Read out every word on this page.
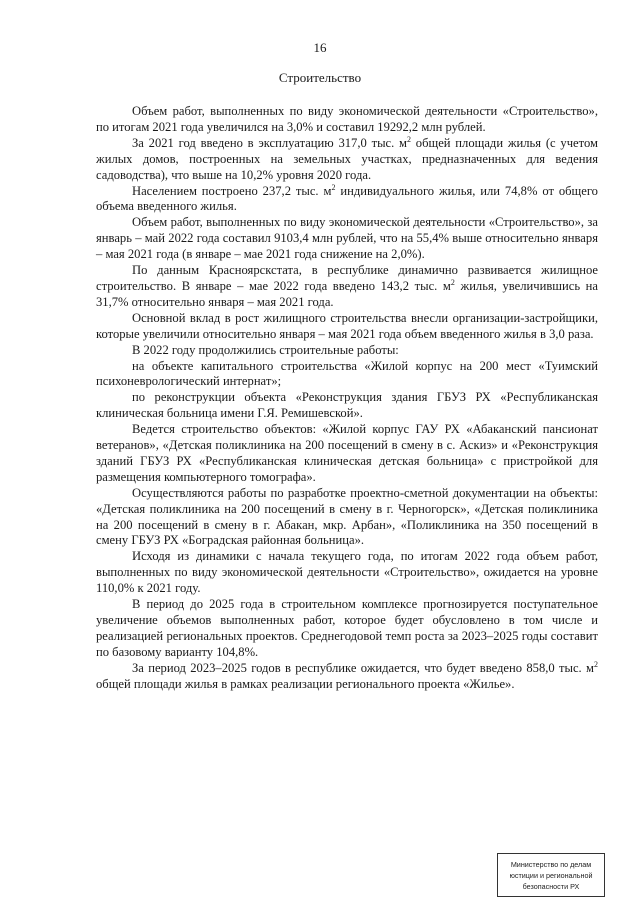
16
Строительство

Объем работ, выполненных по виду экономической деятельности «Строительство», по итогам 2021 года увеличился на 3,0% и составил 19292,2 млн рублей.

За 2021 год введено в эксплуатацию 317,0 тыс. $м^2$ общей площади жилья (с учетом жилых домов, построенных на земельных участках, предназначенных для ведения садоводства), что выше на 10,2% уровня 2020 года.

Населением построено 237,2 тыс. $м^2$ индивидуального жилья, или 74,8% от общего объема введенного жилья.

Объем работ, выполненных по виду экономической деятельности «Строительство», за январь – май 2022 года составил 9103,4 млн рублей, что на 55,4% выше относительно января – мая 2021 года (в январе – мае 2021 года снижение на 2,0%).

По данным Красноярскстата, в республике динамично развивается жилищное строительство. В январе – мае 2022 года введено 143,2 тыс. $м^2$ жилья, увеличившись на 31,7% относительно января – мая 2021 года.

Основной вклад в рост жилищного строительства внесли организации-застройщики, которые увеличили относительно января – мая 2021 года объем введенного жилья в 3,0 раза.

В 2022 году продолжились строительные работы:

на объекте капитального строительства «Жилой корпус на 200 мест «Туимский психоневрологический интернат»;

по реконструкции объекта «Реконструкция здания ГБУЗ РХ «Республиканская клиническая больница имени Г.Я. Ремишевской».

Ведется строительство объектов: «Жилой корпус ГАУ РХ «Абаканский пансионат ветеранов», «Детская поликлиника на 200 посещений в смену в с. Аскиз» и «Реконструкция зданий ГБУЗ РХ «Республиканская клиническая детская больница» с пристройкой для размещения компьютерного томографа».

Осуществляются работы по разработке проектно-сметной документации на объекты: «Детская поликлиника на 200 посещений в смену в г. Черногорск», «Детская поликлиника на 200 посещений в смену в г. Абакан, мкр. Арбан», «Поликлиника на 350 посещений в смену ГБУЗ РХ «Боградская районная больница».

Исходя из динамики с начала текущего года, по итогам 2022 года объем работ, выполненных по виду экономической деятельности «Строительство», ожидается на уровне 110,0% к 2021 году.

В период до 2025 года в строительном комплексе прогнозируется поступательное увеличение объемов выполненных работ, которое будет обусловлено в том числе и реализацией региональных проектов. Среднегодовой темп роста за 2023–2025 годы составит по базовому варианту 104,8%.

За период 2023–2025 годов в республике ожидается, что будет введено 858,0 тыс. $м^2$ общей площади жилья в рамках реализации регионального проекта «Жилье».

Министерство по делам
юстиции и региональной
безопасности РХ
